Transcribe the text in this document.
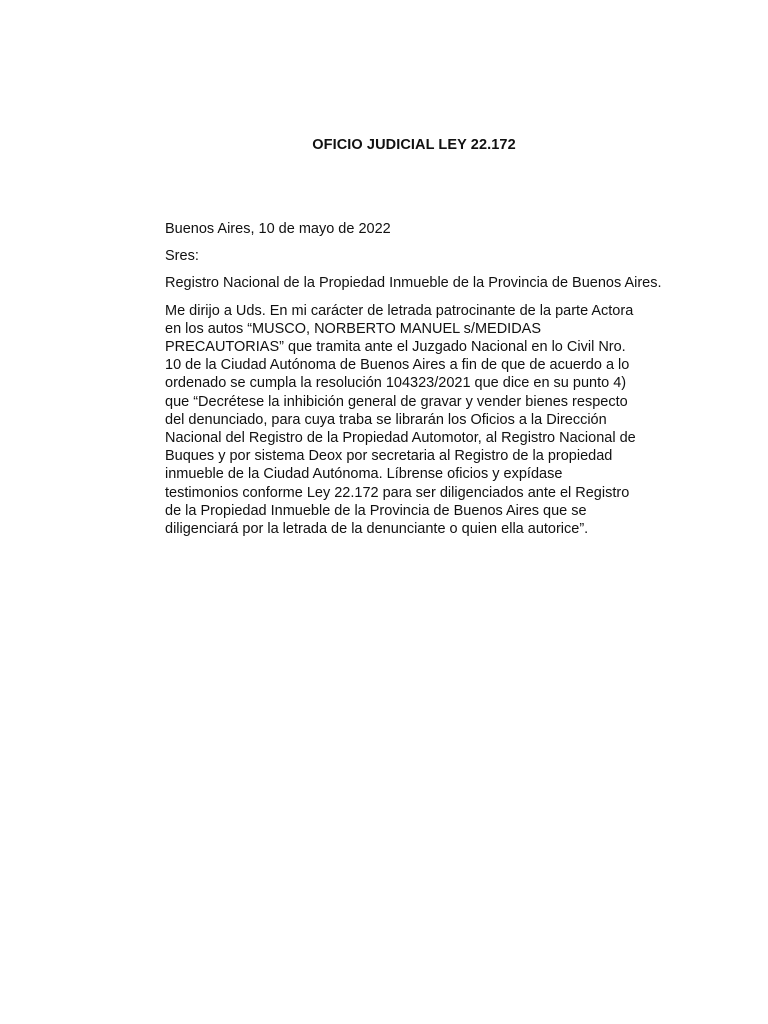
OFICIO JUDICIAL LEY 22.172

Buenos Aires, 10 de mayo de 2022

Sres:

Registro Nacional de la Propiedad Inmueble de la Provincia de Buenos Aires.

Me dirijo a Uds. En mi carácter de letrada patrocinante de la parte Actora
en los autos “MUSCO, NORBERTO MANUEL s/MEDIDAS
PRECAUTORIAS” que tramita ante el Juzgado Nacional en lo Civil Nro.
10 de la Ciudad Autónoma de Buenos Aires a fin de que de acuerdo a lo
ordenado se cumpla la resolución 104323/2021 que dice en su punto 4)
que “Decrétese la inhibición general de gravar y vender bienes respecto
del denunciado, para cuya traba se librarán los Oficios a la Dirección
Nacional del Registro de la Propiedad Automotor, al Registro Nacional de
Buques y por sistema Deox por secretaria al Registro de la propiedad
inmueble de la Ciudad Autónoma. Líbrense oficios y expídase
testimonios conforme Ley 22.172 para ser diligenciados ante el Registro
de la Propiedad Inmueble de la Provincia de Buenos Aires que se
diligenciará por la letrada de la denunciante o quien ella autorice”.
